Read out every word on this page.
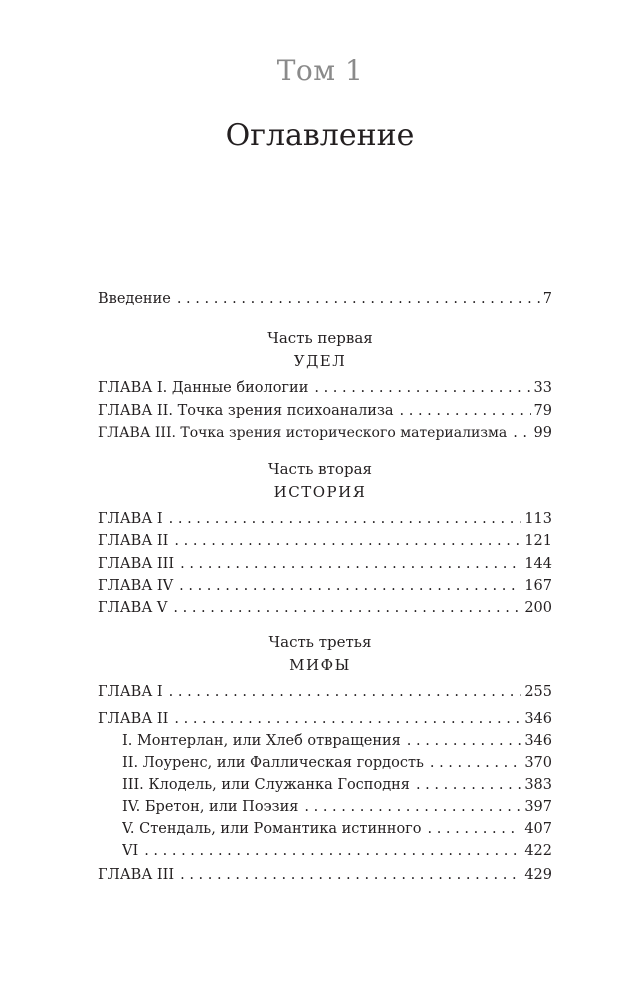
Том 1
Оглавление
Введение . . .	7
Часть первая
УДЕЛ
ГЛАВА I. Данные биологии . . .	33
ГЛАВА II. Точка зрения психоанализа . . .	79
ГЛАВА III. Точка зрения исторического материализма . . . 99
Часть вторая
ИСТОРИЯ
ГЛАВА I . . .	113
ГЛАВА II . . .	121
ГЛАВА III . . .	144
ГЛАВА IV . . .	167
ГЛАВА V . . .	200
Часть третья
МИФЫ
ГЛАВА I . . .	255
ГЛАВА II . . .	346
I. Монтерлан, или Хлеб отвращения . . .	346
II. Лоуренс, или Фаллическая гордость . . .	370
III. Клодель, или Служанка Господня . . .	383
IV. Бретон, или Поэзия . . .	397
V. Стендаль, или Романтика истинного . . .	407
VI . . .	422
ГЛАВА III . . .	429
